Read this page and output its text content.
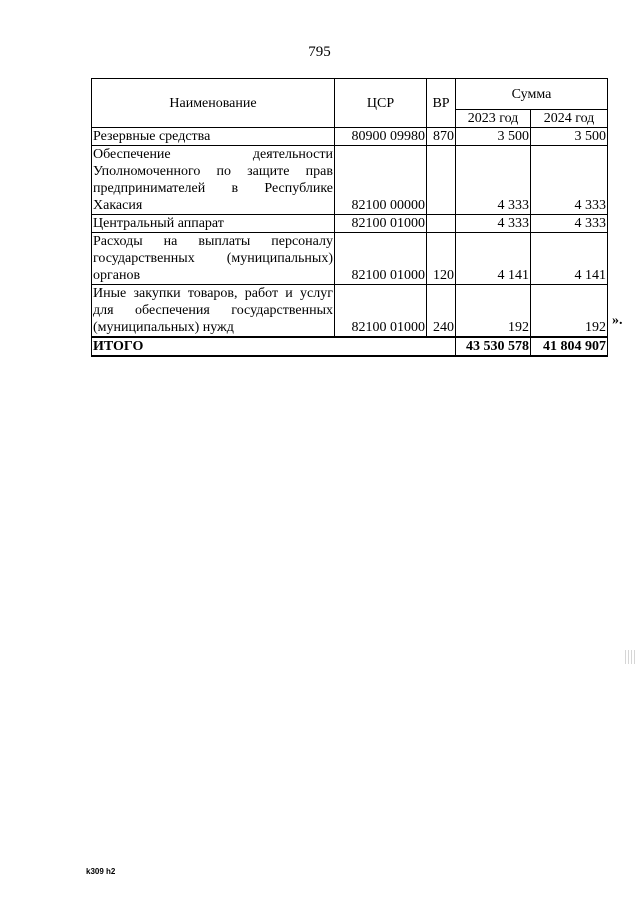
795
Наименование	ЦСР	ВР	Сумма	
			2023 год	2024 год
Резервные средства	80900 09980	870	3 500	3 500
Обеспечение деятельности Уполномоченного по защите прав предпринимателей в Республике Хакасия	82100 00000		4 333	4 333
Центральный аппарат	82100 01000		4 333	4 333
Расходы на выплаты персоналу государственных (муниципальных) органов	82100 01000	120	4 141	4 141
Иные закупки товаров, работ и услуг для обеспечения государственных (муниципальных) нужд	82100 01000	240	192	192
ИТОГО			43 530 578	41 804 907
».
k309 h2
